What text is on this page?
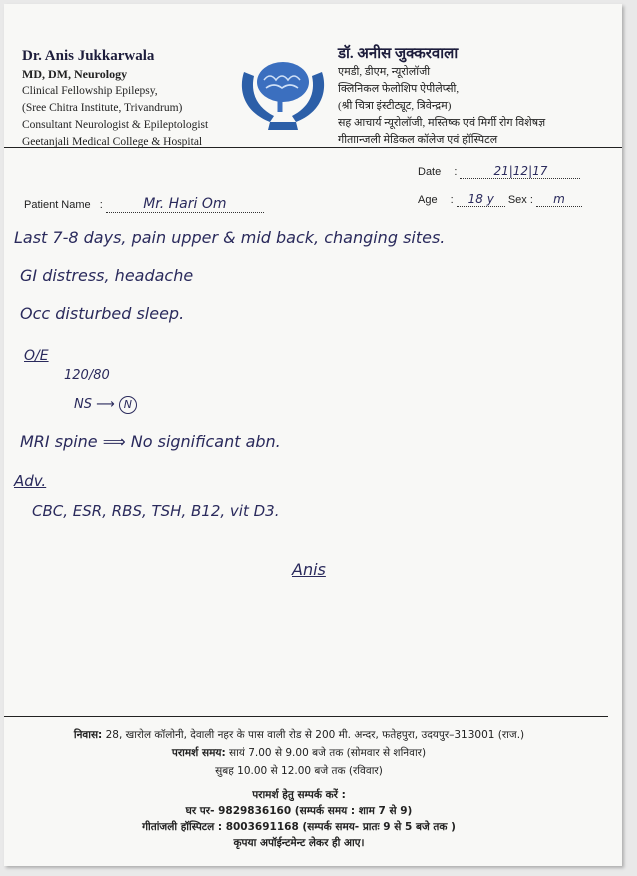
Dr. Anis Jukkarwala
MD, DM, Neurology
Clinical Fellowship Epilepsy,
(Sree Chitra Institute, Trivandrum)
Consultant Neurologist & Epileptologist
Geetanjali Medical College & Hospital
डॉ. अनीस जुक्करवाला
एमडी, डीएम, न्यूरोलॉजी
क्लिनिकल फेलोशिप ऐपीलेप्सी,
(श्री चित्रा इंस्टीट्यूट, त्रिवेन्द्रम)
सह आचार्य न्यूरोलॉजी, मस्तिष्क एवं मिर्गी रोग विशेषज्ञ
गीताान्जली मेडिकल कॉलेज एवं हॉस्पिटल
Date :	21|12|17
Patient Name :	Mr. Hari Om	Age : 18 y Sex : m
Last 7-8 days, pain upper & mid back, changing sites.
GI distress, headache
Occ disturbed sleep.
O/E
120/80
NS ⟶ N
MRI spine ⟹ No significant abn.
Adv.
CBC, ESR, RBS, TSH, B12, vit D3.
Anis
निवास: 28, खारोल कॉलोनी, देवाली नहर के पास वाली रोड से 200 मी. अन्दर, फतेहपुरा, उदयपुर–313001 (राज.)
परामर्श समय: सायं 7.00 से 9.00 बजे तक (सोमवार से शनिवार)
सुबह 10.00 से 12.00 बजे तक (रविवार)
परामर्श हेतु सम्पर्क करें :
घर पर- 9829836160 (सम्पर्क समय : शाम 7 से 9)
गीतांजली हॉस्पिटल : 8003691168 (सम्पर्क समय- प्रातः 9 से 5 बजे तक )
कृपया अपॉईन्टमेन्ट लेकर ही आए।
